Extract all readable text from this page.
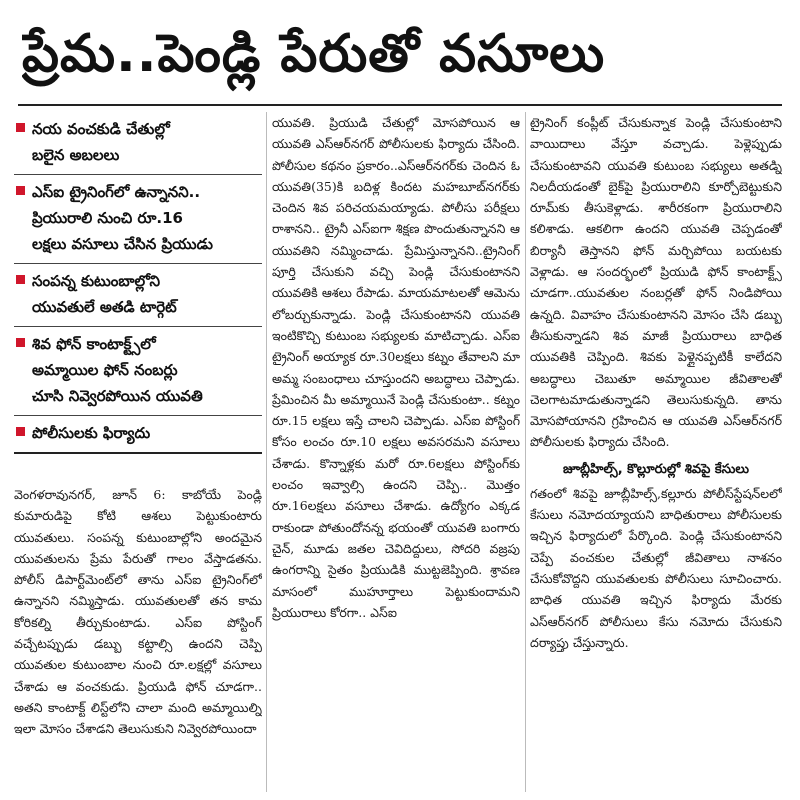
ప్రేమ..పెండ్లి పేరుతో వసూలు
నయ వంచకుడి చేతుల్లో
బలైన అబలలు
ఎస్ఐ ట్రైనింగ్‌లో ఉన్నానని..
ప్రియురాలి నుంచి రూ.16
లక్షలు వసూలు చేసిన ప్రియుడు
సంపన్న కుటుంబాల్లోని
యువతులే అతడి టార్గెట్
శివ ఫోన్ కాంటాక్ట్స్‌లో
అమ్మాయిల ఫోన్ నంబర్లు
చూసి నివ్వెరపోయిన యువతి
పోలీసులకు ఫిర్యాదు

వెంగళరావునగర్, జూన్ 6: కాబోయే పెండ్లి కుమారుడిపై కోటి ఆశలు పెట్టుకుంటారు యువతులు. సంపన్న కుటుంబాల్లోని అందమైన యువతులను ప్రేమ పేరుతో గాలం వేస్తాడతను. పోలీస్ డిపార్ట్‌మెంట్‌లో తాను ఎస్ఐ ట్రైనింగ్‌లో ఉన్నానని నమ్మిస్తాడు. యువతులతో తన కామ కోరికల్ని తీర్చుకుంటాడు. ఎస్ఐ పోస్టింగ్ వచ్చేటప్పుడు డబ్బు కట్టాల్సి ఉందని చెప్పి యువతుల కుటుంబాల నుంచి రూ.లక్షల్లో వసూలు చేశాడు ఆ వంచకుడు. ప్రియుడి ఫోన్ చూడగా.. అతని కాంటాక్ట్ లిస్ట్‌లోని చాలా మంది అమ్మాయిల్ని ఇలా మోసం చేశాడని తెలుసుకుని నివ్వెరపోయిందా

యువతి. ప్రియుడి చేతుల్లో మోసపోయిన ఆ యువతి ఎస్ఆర్‌నగర్ పోలీసులకు ఫిర్యాదు చేసింది. పోలీసుల కథనం ప్రకారం..ఎస్ఆర్‌నగర్‌కు చెందిన ఓ యువతి(35)కి బదిళ్ల కిందట మహబూబ్‌నగర్‌కు చెందిన శివ పరిచయమయ్యాడు. పోలీసు పరీక్షలు రాశానని.. ట్రైనీ ఎస్ఐగా శిక్షణ పొందుతున్నానని ఆ యువతిని నమ్మించాడు. ప్రేమిస్తున్నానని..ట్రైనింగ్ పూర్తి చేసుకుని వచ్చి పెండ్లి చేసుకుంటానని యువతికి ఆశలు రేపాడు. మాయమాటలతో ఆమెను లోబర్చుకున్నాడు. పెండ్లి చేసుకుంటానని యువతి ఇంటికొచ్చి కుటుంబ సభ్యులకు మాటిచ్చాడు. ఎస్ఐ ట్రైనింగ్ అయ్యాక రూ.30లక్షలు కట్నం తేవాలని మా అమ్మ సంబంధాలు చూస్తుందని అబద్ధాలు చెప్పాడు. ప్రేమించిన మీ అమ్మాయినే పెండ్లి చేసుకుంటా.. కట్నం రూ.15 లక్షలు ఇస్తే చాలని చెప్పాడు. ఎస్ఐ పోస్టింగ్ కోసం లంచం రూ.10 లక్షలు అవసరమని వసూలు చేశాడు. కొన్నాళ్లకు మరో రూ.6లక్షలు పోస్టింగ్‌కు లంచం ఇవ్వాల్సి ఉందని చెప్పి.. మొత్తం రూ.16లక్షలు వసూలు చేశాడు. ఉద్యోగం ఎక్కడ రాకుండా పోతుందోనన్న భయంతో యువతి బంగారు చైన్, మూడు జతల చెవిదిద్దులు, సోదరి వజ్రపు ఉంగరాన్ని సైతం ప్రియుడికి ముట్టజెప్పింది. శ్రావణ మాసంలో ముహూర్తాలు పెట్టుకుందామని ప్రియురాలు కోరగా.. ఎస్ఐ

ట్రైనింగ్ కంప్లీట్ చేసుకున్నాక పెండ్లి చేసుకుంటాని వాయిదాలు వేస్తూ వచ్చాడు. పెళ్లెప్పుడు చేసుకుంటావని యువతి కుటుంబ సభ్యులు అతడ్ని నిలదీయడంతో బైక్‌పై ప్రియురాలిని కూర్చోబెట్టుకుని రూమ్‌కు తీసుకెళ్లాడు. శారీరకంగా ప్రియురాలిని కలిశాడు. ఆకలిగా ఉందని యువతి చెప్పడంతో బిర్యానీ తెస్తానని ఫోన్ మర్చిపోయి బయటకు వెళ్లాడు. ఆ సందర్భంలో ప్రియుడి ఫోన్ కాంటాక్ట్స్ చూడగా..యువతుల నంబర్లతో ఫోన్ నిండిపోయి ఉన్నది. వివాహం చేసుకుంటానని మోసం చేసి డబ్బు తీసుకున్నాడని శివ మాజీ ప్రియురాలు బాధిత యువతికి చెప్పింది. శివకు పెళ్లైనప్పటికీ కాలేదని అబద్ధాలు చెబుతూ అమ్మాయిల జీవితాలతో చెలగాటమాడుతున్నాడని తెలుసుకున్నది. తాను మోసపోయానని గ్రహించిన ఆ యువతి ఎస్ఆర్‌నగర్ పోలీసులకు ఫిర్యాదు చేసింది.

జూబ్లీహిల్స్, కొల్లూరుల్లో శివపై కేసులు

గతంలో శివపై జూబ్లీహిల్స్,కల్లూరు పోలీస్‌స్టేషన్‌లలో కేసులు నమోదయ్యాయని బాధితురాలు పోలీసులకు ఇచ్చిన ఫిర్యాదులో పేర్కొంది. పెండ్లి చేసుకుంటానని చెప్పే వంచకుల చేతుల్లో జీవితాలు నాశనం చేసుకోవొద్దని యువతులకు పోలీసులు సూచించారు. బాధిత యువతి ఇచ్చిన ఫిర్యాదు మేరకు ఎస్ఆర్‌నగర్ పోలీసులు కేసు నమోదు చేసుకుని దర్యాప్తు చేస్తున్నారు.
